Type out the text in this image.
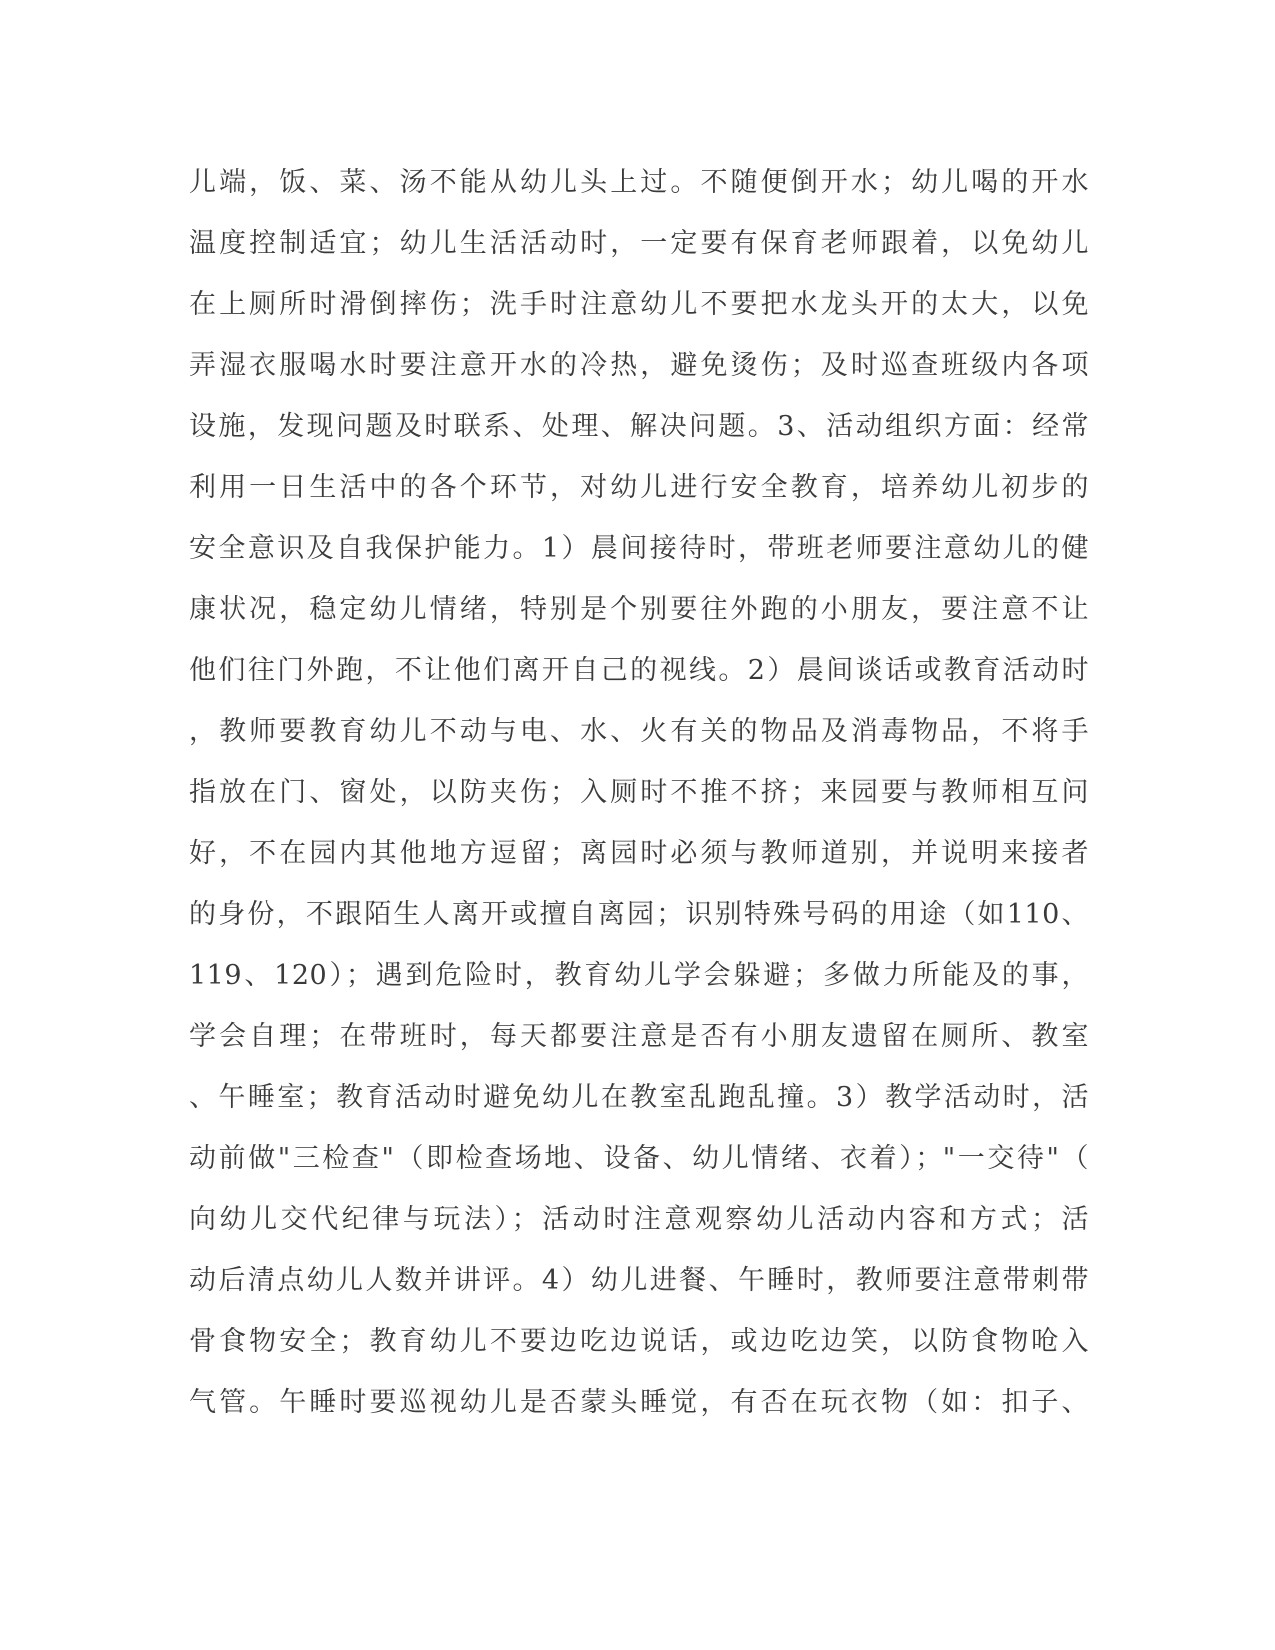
儿端，饭、菜、汤不能从幼儿头上过。不随便倒开水；幼儿喝的开水
温度控制适宜；幼儿生活活动时，一定要有保育老师跟着，以免幼儿
在上厕所时滑倒摔伤；洗手时注意幼儿不要把水龙头开的太大，以免
弄湿衣服喝水时要注意开水的冷热，避免烫伤；及时巡查班级内各项
设施，发现问题及时联系、处理、解决问题。3、活动组织方面：经常
利用一日生活中的各个环节，对幼儿进行安全教育，培养幼儿初步的
安全意识及自我保护能力。1）晨间接待时，带班老师要注意幼儿的健
康状况，稳定幼儿情绪，特别是个别要往外跑的小朋友，要注意不让
他们往门外跑，不让他们离开自己的视线。2）晨间谈话或教育活动时
，教师要教育幼儿不动与电、水、火有关的物品及消毒物品，不将手
指放在门、窗处，以防夹伤；入厕时不推不挤；来园要与教师相互问
好，不在园内其他地方逗留；离园时必须与教师道别，并说明来接者
的身份，不跟陌生人离开或擅自离园；识别特殊号码的用途（如110、
119、120）；遇到危险时，教育幼儿学会躲避；多做力所能及的事，
学会自理；在带班时，每天都要注意是否有小朋友遗留在厕所、教室
、午睡室；教育活动时避免幼儿在教室乱跑乱撞。3）教学活动时，活
动前做"三检查"（即检查场地、设备、幼儿情绪、衣着）；"一交待"（
向幼儿交代纪律与玩法）；活动时注意观察幼儿活动内容和方式；活
动后清点幼儿人数并讲评。4）幼儿进餐、午睡时，教师要注意带刺带
骨食物安全；教育幼儿不要边吃边说话，或边吃边笑，以防食物呛入
气管。午睡时要巡视幼儿是否蒙头睡觉，有否在玩衣物（如：扣子、
